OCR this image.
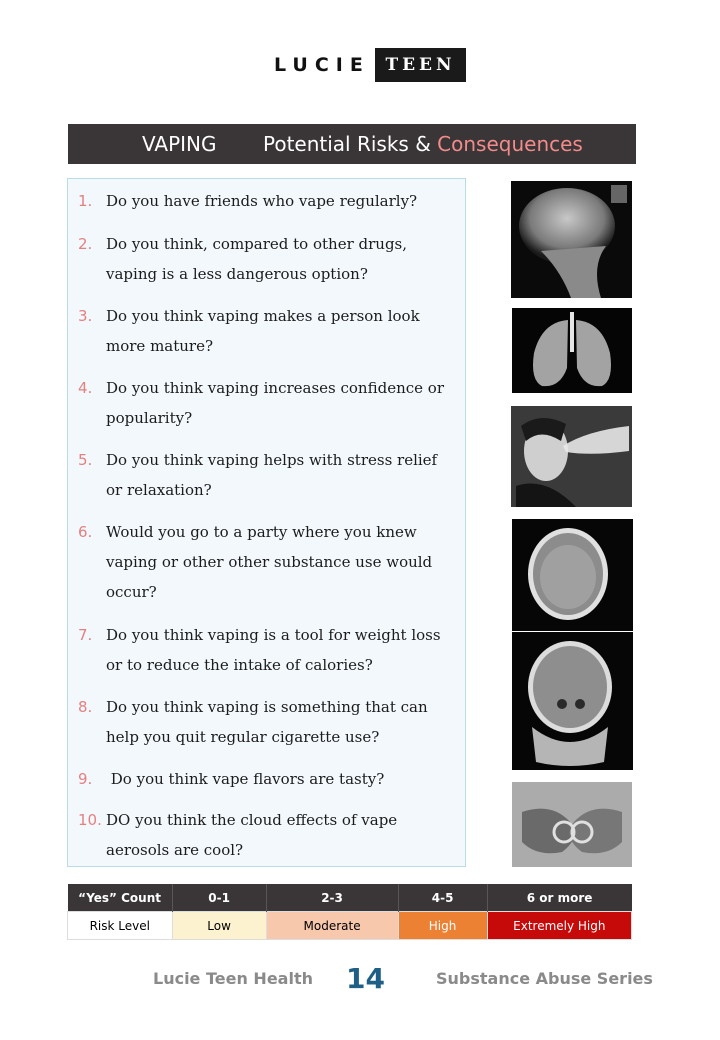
LUCIE TEEN
VAPING Potential Risks & Consequences
1. Do you have friends who vape regularly?
2. Do you think, compared to other drugs,
vaping is a less dangerous option?
3. Do you think vaping makes a person look
more mature?
4. Do you think vaping increases confidence or
popularity?
5. Do you think vaping helps with stress relief
or relaxation?
6. Would you go to a party where you knew
vaping or other other substance use would
occur?
7. Do you think vaping is a tool for weight loss
or to reduce the intake of calories?
8. Do you think vaping is something that can
help you quit regular cigarette use?
9. Do you think vape flavors are tasty?
10. DO you think the cloud effects of vape
aerosols are cool?
“Yes” Count	0-1	2-3	4-5	6 or more
Risk Level	Low	Moderate	High	Extremely High
Lucie Teen Health 14	Substance Abuse Series
